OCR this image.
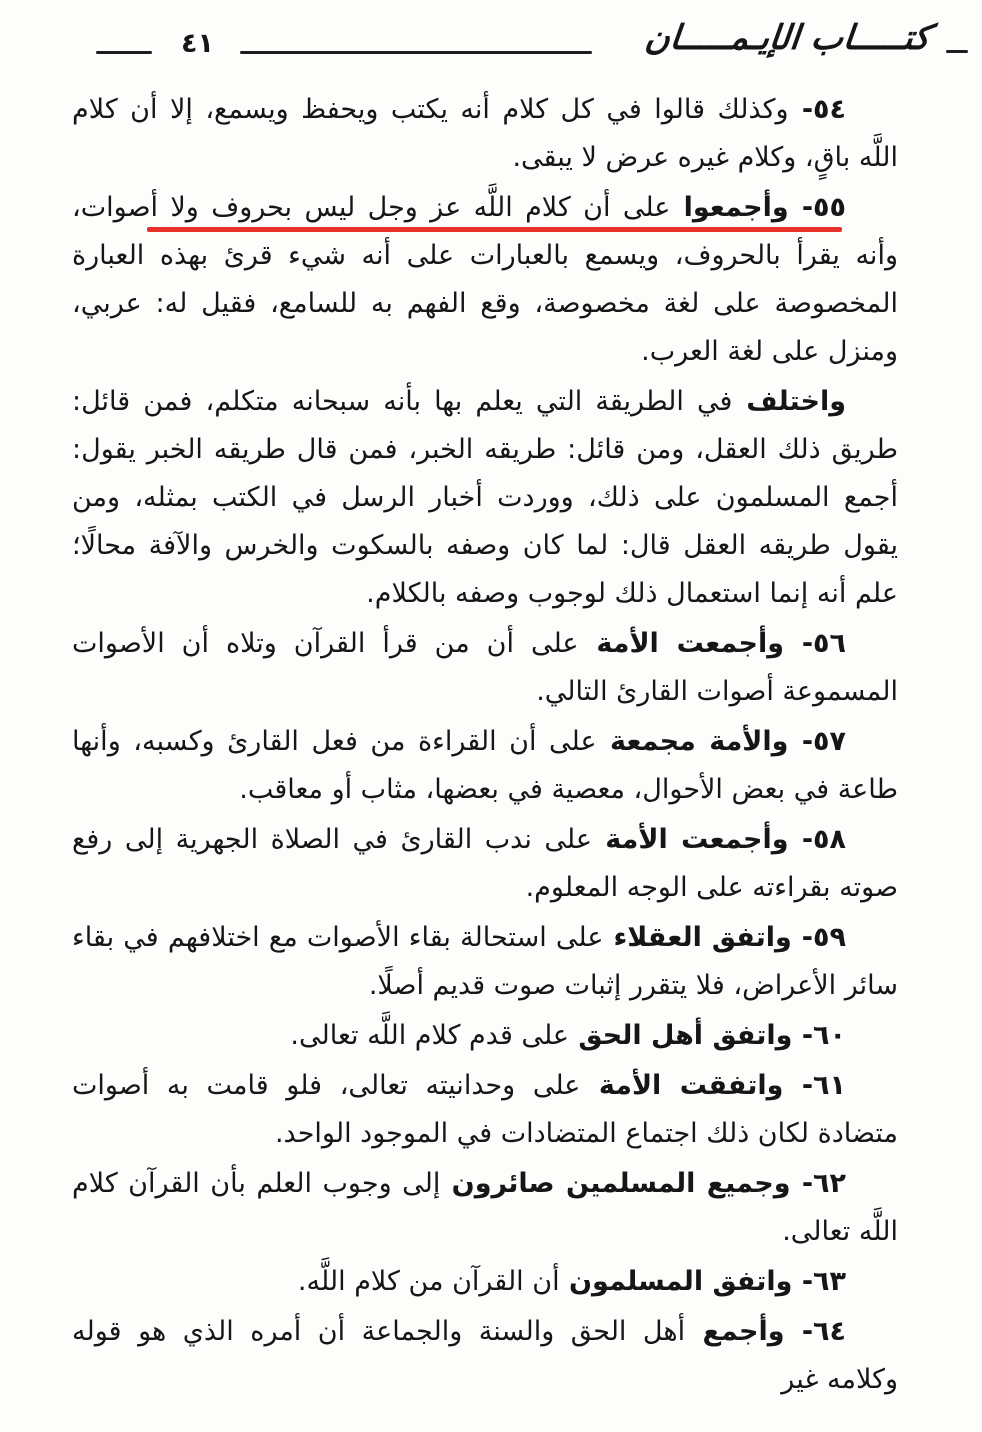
كتـــــاب الإيـمـــــان
٤١

٥٤- وكذلك قالوا في كل كلام أنه يكتب ويحفظ ويسمع، إلا أن كلام اللَّه باقٍ، وكلام غيره عرض لا يبقى.

٥٥- وأجمعوا على أن كلام اللَّه عز وجل ليس بحروف ولا أصوات، وأنه يقرأ بالحروف، ويسمع بالعبارات على أنه شيء قرئ بهذه العبارة المخصوصة على لغة مخصوصة، وقع الفهم به للسامع، فقيل له: عربي، ومنزل على لغة العرب.

واختلف في الطريقة التي يعلم بها بأنه سبحانه متكلم، فمن قائل: طريق ذلك العقل، ومن قائل: طريقه الخبر، فمن قال طريقه الخبر يقول: أجمع المسلمون على ذلك، ووردت أخبار الرسل في الكتب بمثله، ومن يقول طريقه العقل قال: لما كان وصفه بالسكوت والخرس والآفة محالًا؛ علم أنه إنما استعمال ذلك لوجوب وصفه بالكلام.

٥٦- وأجمعت الأمة على أن من قرأ القرآن وتلاه أن الأصوات المسموعة أصوات القارئ التالي.

٥٧- والأمة مجمعة على أن القراءة من فعل القارئ وكسبه، وأنها طاعة في بعض الأحوال، معصية في بعضها، مثاب أو معاقب.

٥٨- وأجمعت الأمة على ندب القارئ في الصلاة الجهرية إلى رفع صوته بقراءته على الوجه المعلوم.

٥٩- واتفق العقلاء على استحالة بقاء الأصوات مع اختلافهم في بقاء سائر الأعراض، فلا يتقرر إثبات صوت قديم أصلًا.

٦٠- واتفق أهل الحق على قدم كلام اللَّه تعالى.

٦١- واتفقت الأمة على وحدانيته تعالى، فلو قامت به أصوات متضادة لكان ذلك اجتماع المتضادات في الموجود الواحد.

٦٢- وجميع المسلمين صائرون إلى وجوب العلم بأن القرآن كلام اللَّه تعالى.

٦٣- واتفق المسلمون أن القرآن من كلام اللَّه.

٦٤- وأجمع أهل الحق والسنة والجماعة أن أمره الذي هو قوله وكلامه غير
